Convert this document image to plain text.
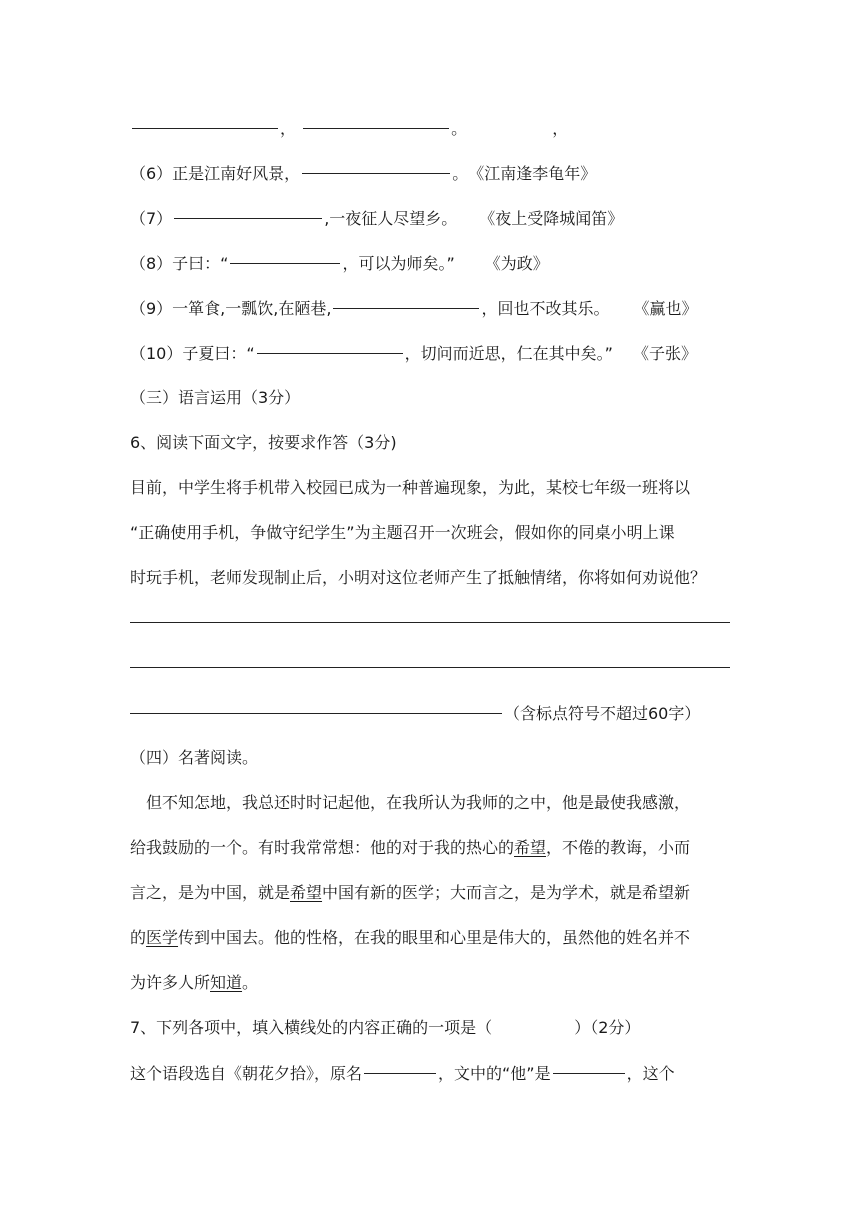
，	。	，
（6）正是江南好风景，	。《江南逢李龟年》
（7）	,一夜征人尽望乡。 《夜上受降城闻笛》
（8）子曰：“	，可以为师矣。” 《为政》
（9）一箪食,一瓢饮,在陋巷,	，回也不改其乐。 《赢也》
（10）子夏曰：“	，切问而近思，仁在其中矣。” 《子张》
（三）语言运用（3分）
6、阅读下面文字，按要求作答（3分)
目前，中学生将手机带入校园已成为一种普遍现象，为此，某校七年级一班将以
“正确使用手机，争做守纪学生”为主题召开一次班会，假如你的同桌小明上课
时玩手机，老师发现制止后，小明对这位老师产生了抵触情绪，你将如何劝说他？
（含标点符号不超过60字）
（四）名著阅读。
但不知怎地，我总还时时记起他，在我所认为我师的之中，他是最使我感激，
给我鼓励的一个。有时我常常想：他的对于我的热心的希望，不倦的教诲，小而
言之，是为中国，就是希望中国有新的医学；大而言之，是为学术，就是希望新
的医学传到中国去。他的性格，在我的眼里和心里是伟大的，虽然他的姓名并不
为许多人所知道。
7、下列各项中，填入横线处的内容正确的一项是（	）（2分）
这个语段选自《朝花夕拾》，原名	，文中的“他”是	，这个
